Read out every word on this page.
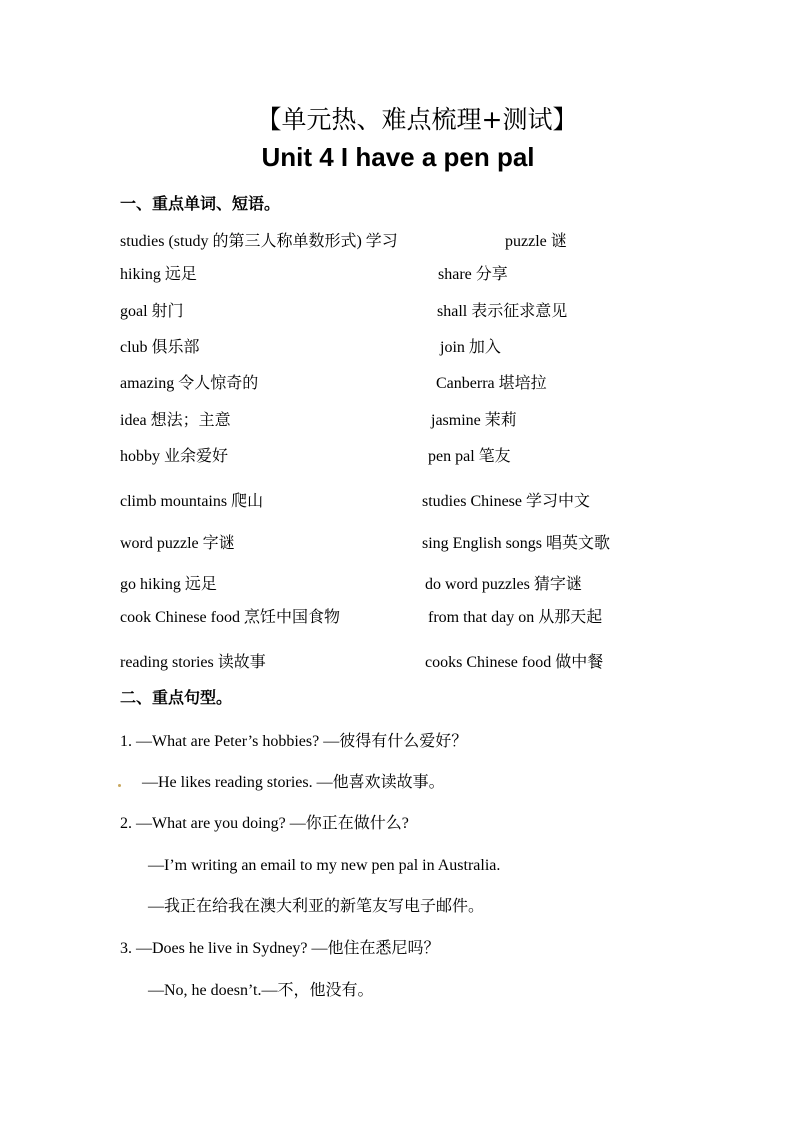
【单元热、难点梳理+测试】
Unit 4 I have a pen pal
一、重点单词、短语。
studies (study 的第三人称单数形式) 学习	puzzle 谜
hiking 远足	share 分享
goal 射门	shall 表示征求意见
club 俱乐部	join 加入
amazing 令人惊奇的	Canberra 堪培拉
idea 想法；主意	jasmine 茉莉
hobby 业余爱好	pen pal 笔友
climb mountains 爬山	studies Chinese 学习中文
word puzzle 字谜	sing English songs 唱英文歌
go hiking 远足	do word puzzles 猜字谜
cook Chinese food 烹饪中国食物	from that day on 从那天起
reading stories 读故事	cooks Chinese food 做中餐
二、重点句型。
1. —What are Peter’s hobbies? —彼得有什么爱好？
—He likes reading stories. —他喜欢读故事。
2. —What are you doing? —你正在做什么?
—I’m writing an email to my new pen pal in Australia.
—我正在给我在澳大利亚的新笔友写电子邮件。
3. —Does he live in Sydney? —他住在悉尼吗？
—No, he doesn’t.—不，他没有。
